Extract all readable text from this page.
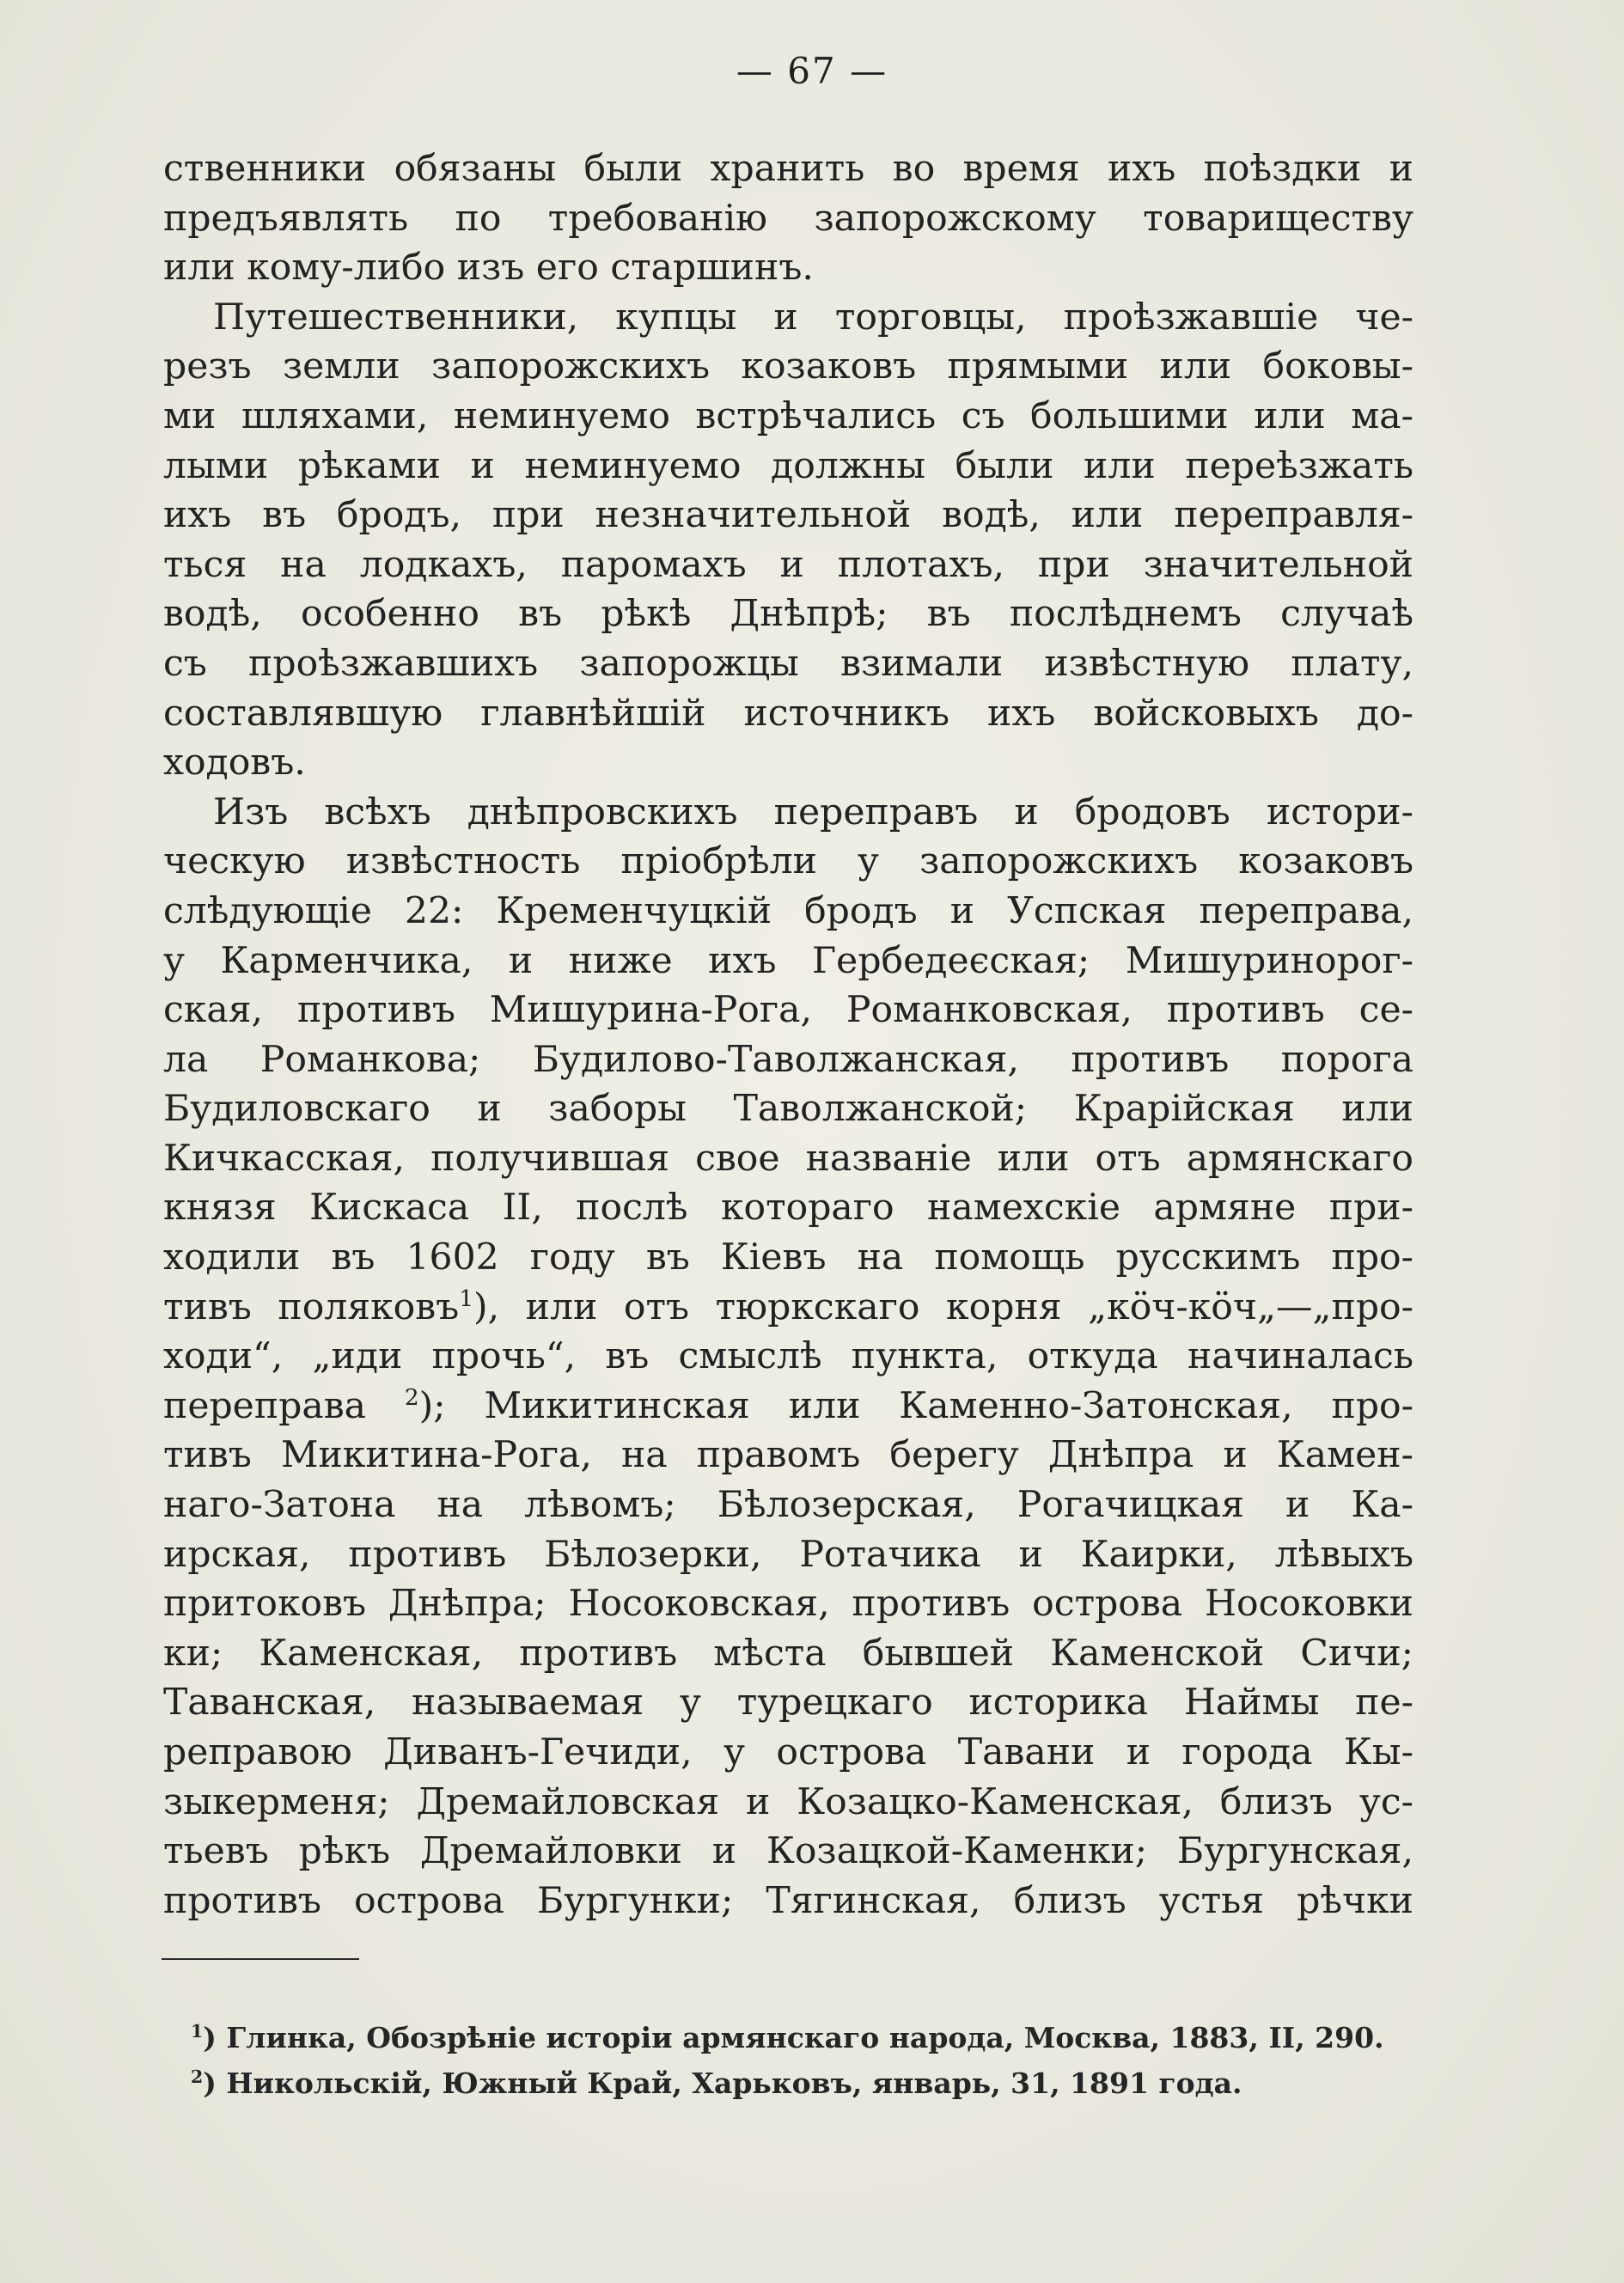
— 67 —
ственники обязаны были хранить во время ихъ поѣздки и
предъявлять по требованію запорожскому товариществу
или кому-либо изъ его старшинъ.
Путешественники, купцы и торговцы, проѣзжавшіе че-
резъ земли запорожскихъ козаковъ прямыми или боковы-
ми шляхами, неминуемо встрѣчались съ большими или ма-
лыми рѣками и неминуемо должны были или переѣзжать
ихъ въ бродъ, при незначительной водѣ, или переправля-
ться на лодкахъ, паромахъ и плотахъ, при значительной
водѣ, особенно въ рѣкѣ Днѣпрѣ; въ послѣднемъ случаѣ
съ проѣзжавшихъ запорожцы взимали извѣстную плату,
составлявшую главнѣйшій источникъ ихъ войсковыхъ до-
ходовъ.
Изъ всѣхъ днѣпровскихъ переправъ и бродовъ истори-
ческую извѣстность пріобрѣли у запорожскихъ козаковъ
слѣдующіе 22: Кременчуцкій бродъ и Успская переправа,
у Карменчика, и ниже ихъ Гербедеєская; Мишуринорог-
ская, противъ Мишурина-Рога, Романковская, противъ се-
ла Романкова; Будилово-Таволжанская, противъ порога
Будиловскаго и заборы Таволжанской; Крарійская или
Кичкасская, получившая свое названіе или отъ армянскаго
князя Кискаса II, послѣ котораго намехскіе армяне при-
ходили въ 1602 году въ Кіевъ на помощь русскимъ про-
тивъ поляковъ$^1$), или отъ тюркскаго корня „кӧч-кӧч„—„про-
ходи“, „иди прочь“, въ смыслѣ пункта, откуда начиналась
переправа $^2$); Микитинская или Каменно-Затонская, про-
тивъ Микитина-Рога, на правомъ берегу Днѣпра и Камен-
наго-Затона на лѣвомъ; Бѣлозерская, Рогачицкая и Ка-
ирская, противъ Бѣлозерки, Ротачика и Каирки, лѣвыхъ
притоковъ Днѣпра; Носоковская, противъ острова Носоковки
ки; Каменская, противъ мѣста бывшей Каменской Сичи;
Таванская, называемая у турецкаго историка Наймы пе-
реправою Диванъ-Гечиди, у острова Тавани и города Кы-
зыкерменя; Дремайловская и Козацко-Каменская, близъ ус-
тьевъ рѣкъ Дремайловки и Козацкой-Каменки; Бургунская,
противъ острова Бургунки; Тягинская, близъ устья рѣчки
$^1$) Глинка, Обозрѣніе исторіи армянскаго народа, Москва, 1883, II, 290.
$^2$) Никольскій, Южный Край, Харьковъ, январь, 31, 1891 года.
